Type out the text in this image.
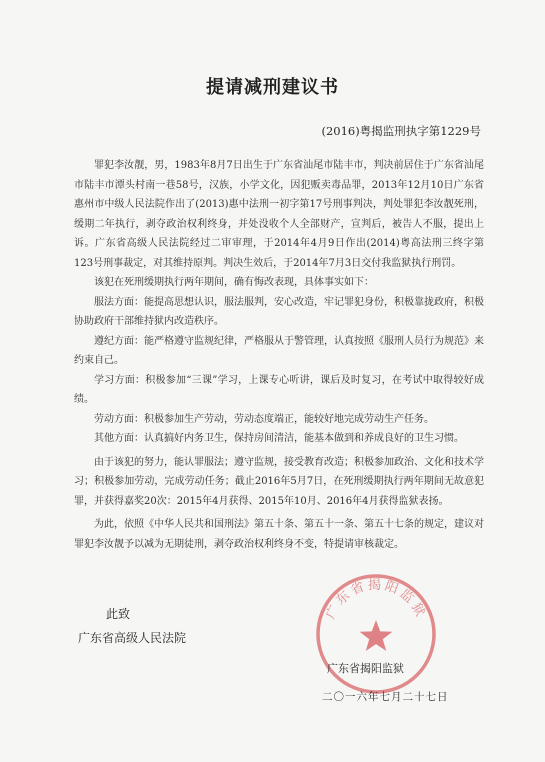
提请减刑建议书
(2016)粤揭监刑执字第1229号

罪犯李汝靓，男，1983年8月7日出生于广东省汕尾市陆丰市，判决前居住于广东省汕尾市陆丰市潭头村南一巷58号，汉族，小学文化，因犯贩卖毒品罪，2013年12月10日广东省惠州市中级人民法院作出了(2013)惠中法刑一初字第17号刑事判决，判处罪犯李汝靓死刑，缓期二年执行，剥夺政治权利终身，并处没收个人全部财产，宣判后，被告人不服，提出上诉。广东省高级人民法院经过二审审理，于2014年4月9日作出(2014)粤高法刑三终字第123号刑事裁定，对其维持原判。判决生效后，于2014年7月3日交付我监狱执行刑罚。

该犯在死刑缓期执行两年期间，确有悔改表现，具体事实如下：

服法方面：能提高思想认识，服法服判，安心改造，牢记罪犯身份，积极靠拢政府，积极协助政府干部维持狱内改造秩序。

遵纪方面：能严格遵守监规纪律，严格服从于警管理，认真按照《服刑人员行为规范》来约束自己。

学习方面：积极参加“三课”学习，上课专心听讲，课后及时复习，在考试中取得较好成绩。

劳动方面：积极参加生产劳动，劳动态度端正，能较好地完成劳动生产任务。

其他方面：认真搞好内务卫生，保持房间清洁，能基本做到和养成良好的卫生习惯。

由于该犯的努力，能认罪服法；遵守监规，接受教育改造；积极参加政治、文化和技术学习；积极参加劳动，完成劳动任务；截止2016年5月7日，在死刑缓期执行两年期间无故意犯罪，并获得嘉奖20次：2015年4月获得、2015年10月、2016年4月获得监狱表扬。

为此，依照《中华人民共和国刑法》第五十条、第五十一条、第五十七条的规定，建议对罪犯李汝靓予以减为无期徒刑，剥夺政治权利终身不变，特提请审核裁定。

此致
广东省高级人民法院
广东省揭阳监狱
广东省揭阳监狱
二〇一六年七月二十七日
